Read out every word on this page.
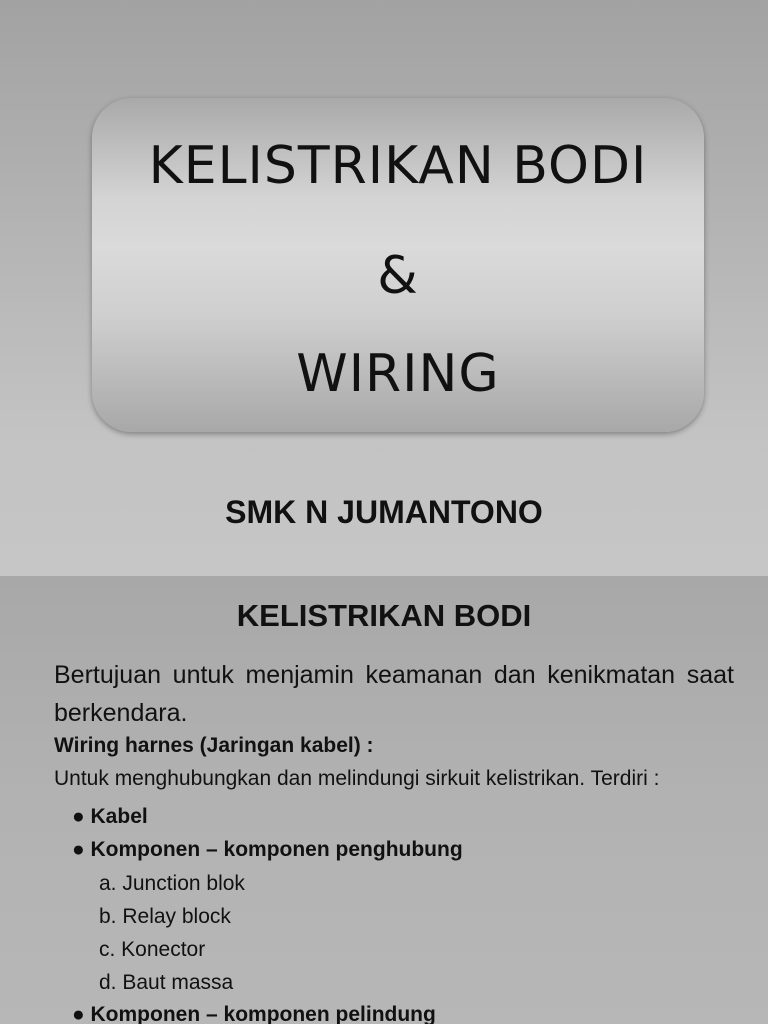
KELISTRIKAN BODI
&
WIRING
SMK N JUMANTONO
KELISTRIKAN BODI
Bertujuan untuk menjamin keamanan dan kenikmatan saat berkendara.
Wiring harnes (Jaringan kabel) :
Untuk menghubungkan dan melindungi sirkuit kelistrikan. Terdiri :
● Kabel
● Komponen – komponen penghubung
a. Junction blok
b. Relay block
c. Konector
d. Baut massa
● Komponen – komponen pelindung
